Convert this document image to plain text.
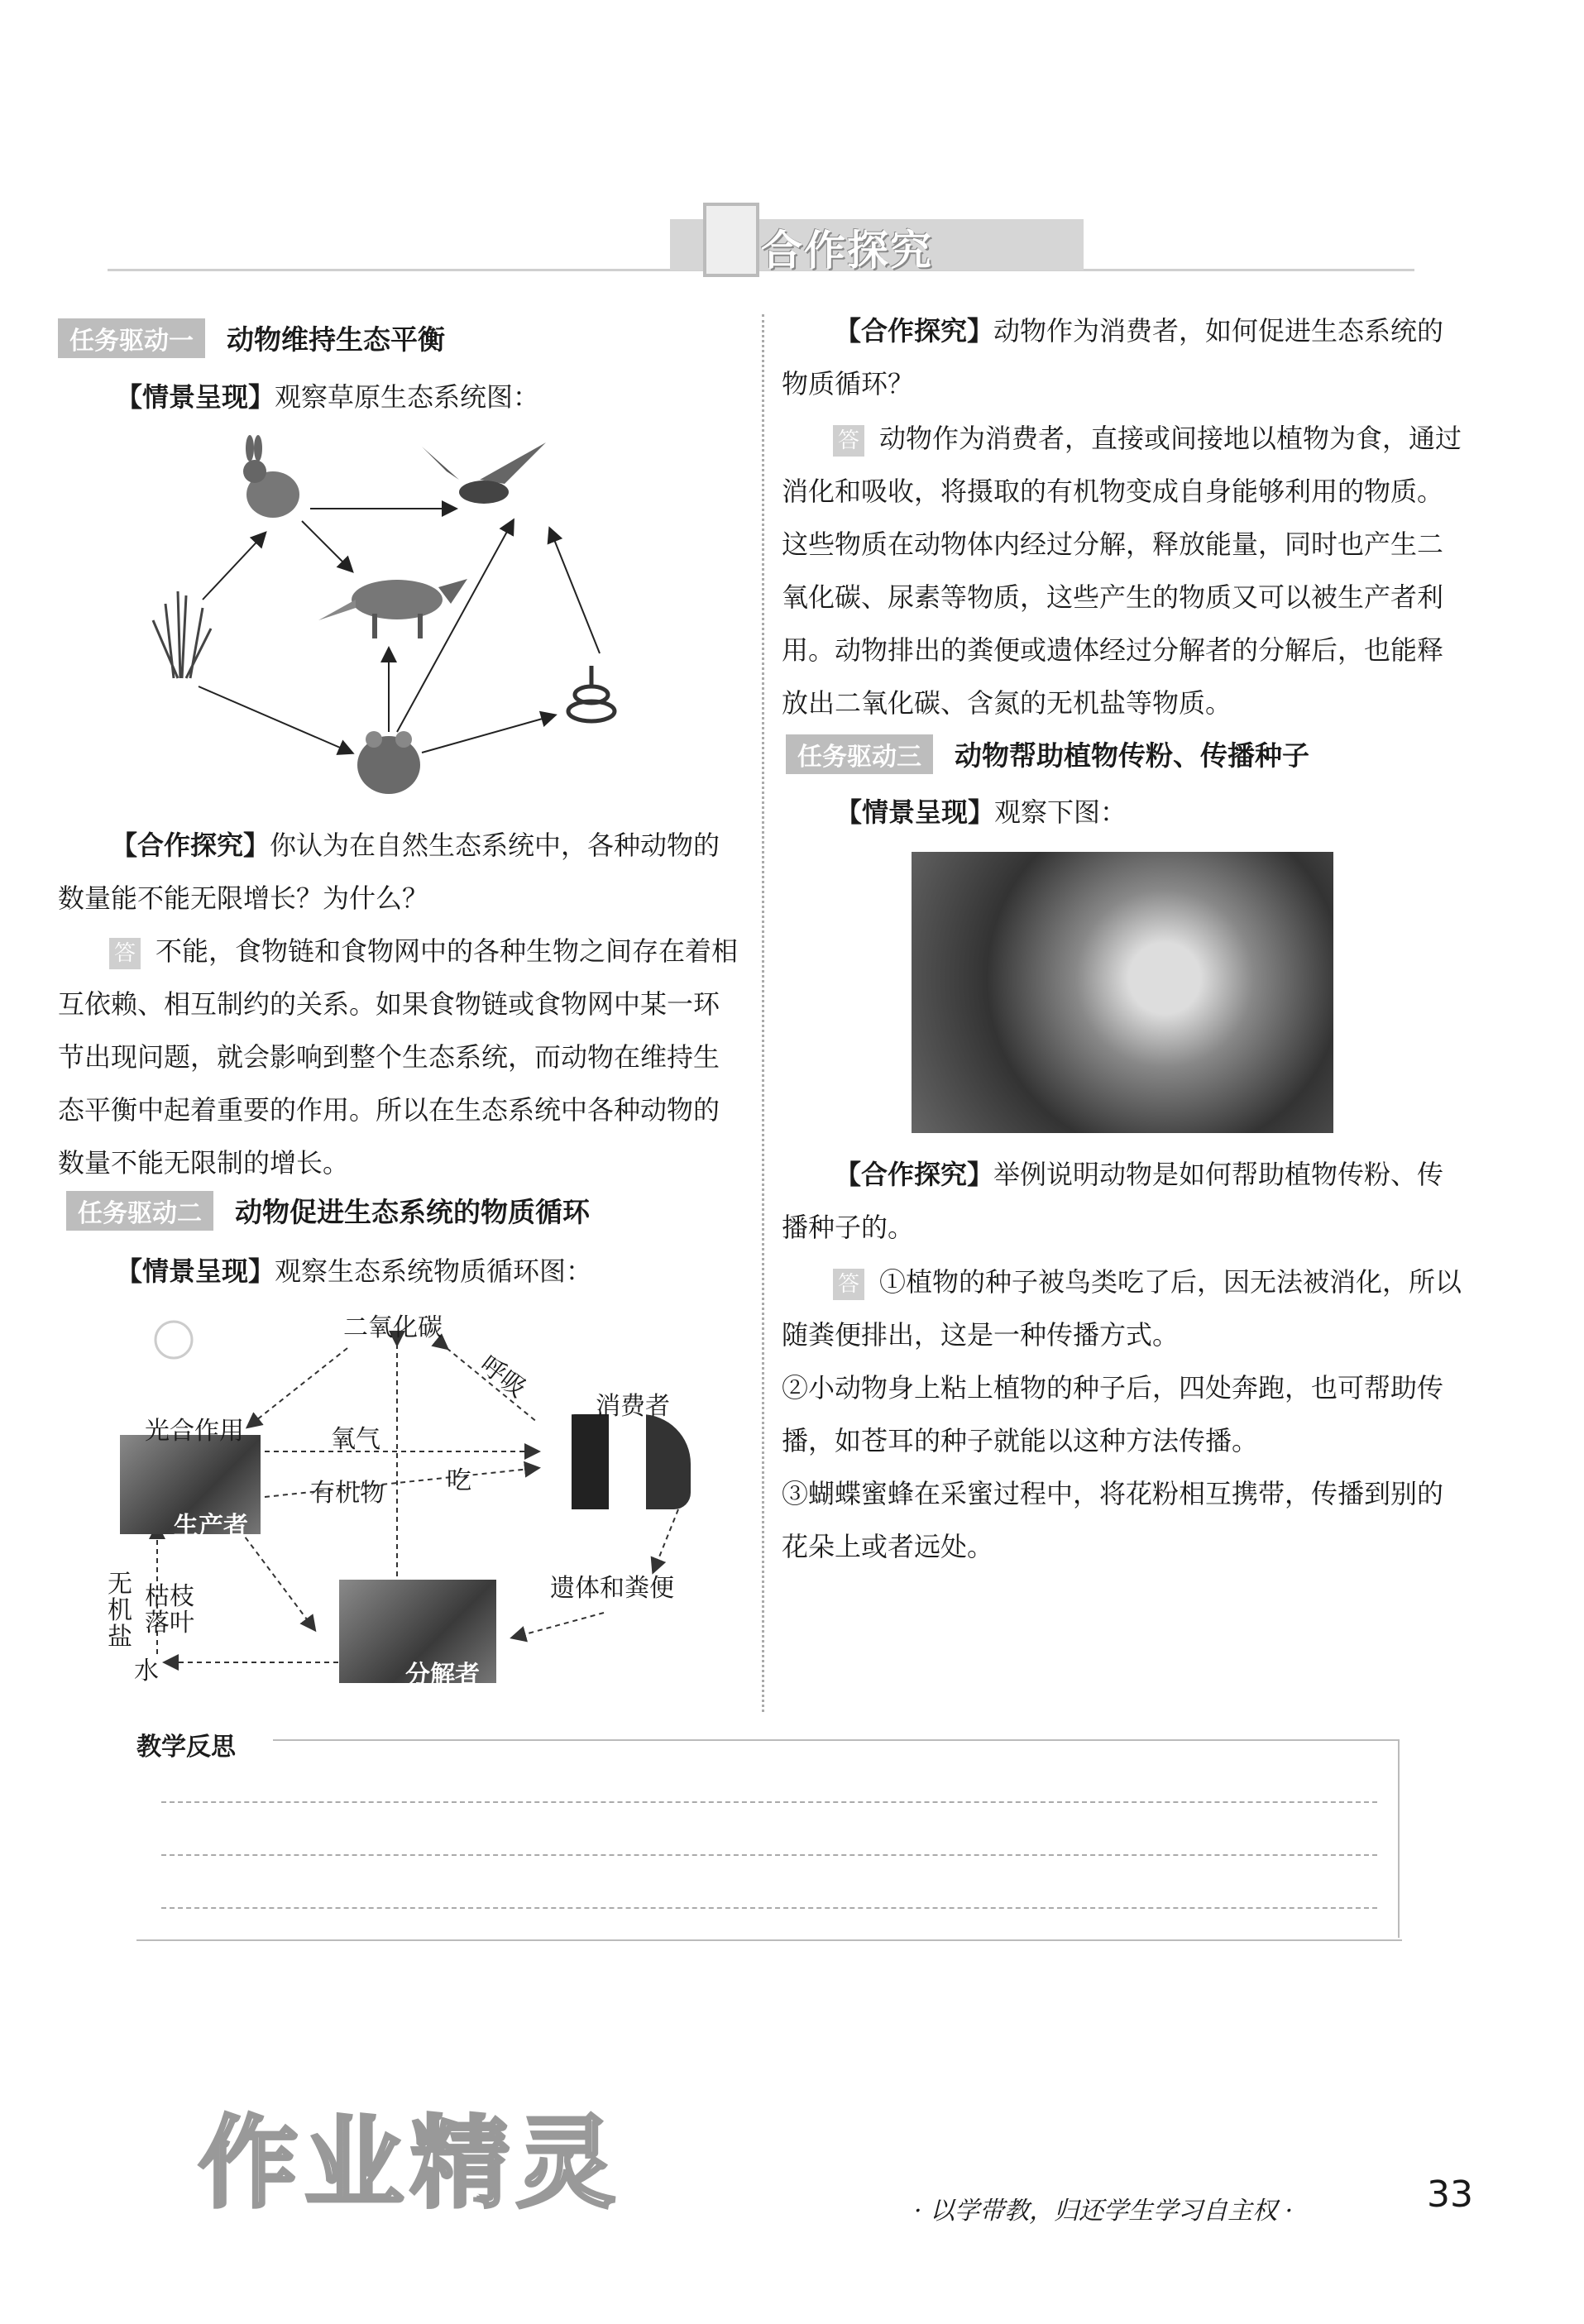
合作探究
任务驱动一 动物维持生态平衡
【情景呈现】观察草原生态系统图：
【合作探究】你认为在自然生态系统中，各种动物的数量能不能无限增长？为什么？
答 不能，食物链和食物网中的各种生物之间存在着相互依赖、相互制约的关系。如果食物链或食物网中某一环节出现问题，就会影响到整个生态系统，而动物在维持生态平衡中起着重要的作用。所以在生态系统中各种动物的数量不能无限制的增长。
任务驱动二 动物促进生态系统的物质循环
【情景呈现】观察生态系统物质循环图：
二氧化碳
光合作用	氧气
呼吸
消费者
有机物	吃
生产者
遗体和粪便
无机盐
枯枝落叶
水	分解者
【合作探究】动物作为消费者，如何促进生态系统的物质循环？
答 动物作为消费者，直接或间接地以植物为食，通过消化和吸收，将摄取的有机物变成自身能够利用的物质。这些物质在动物体内经过分解，释放能量，同时也产生二氧化碳、尿素等物质，这些产生的物质又可以被生产者利用。动物排出的粪便或遗体经过分解者的分解后，也能释放出二氧化碳、含氮的无机盐等物质。
任务驱动三 动物帮助植物传粉、传播种子
【情景呈现】观察下图：
【合作探究】举例说明动物是如何帮助植物传粉、传播种子的。
答 ①植物的种子被鸟类吃了后，因无法被消化，所以随粪便排出，这是一种传播方式。
②小动物身上粘上植物的种子后，四处奔跑，也可帮助传播，如苍耳的种子就能以这种方法传播。
③蝴蝶蜜蜂在采蜜过程中，将花粉相互携带，传播到别的花朵上或者远处。
教学反思
作业精灵	· 以学带教，归还学生学习自主权 ·	33
